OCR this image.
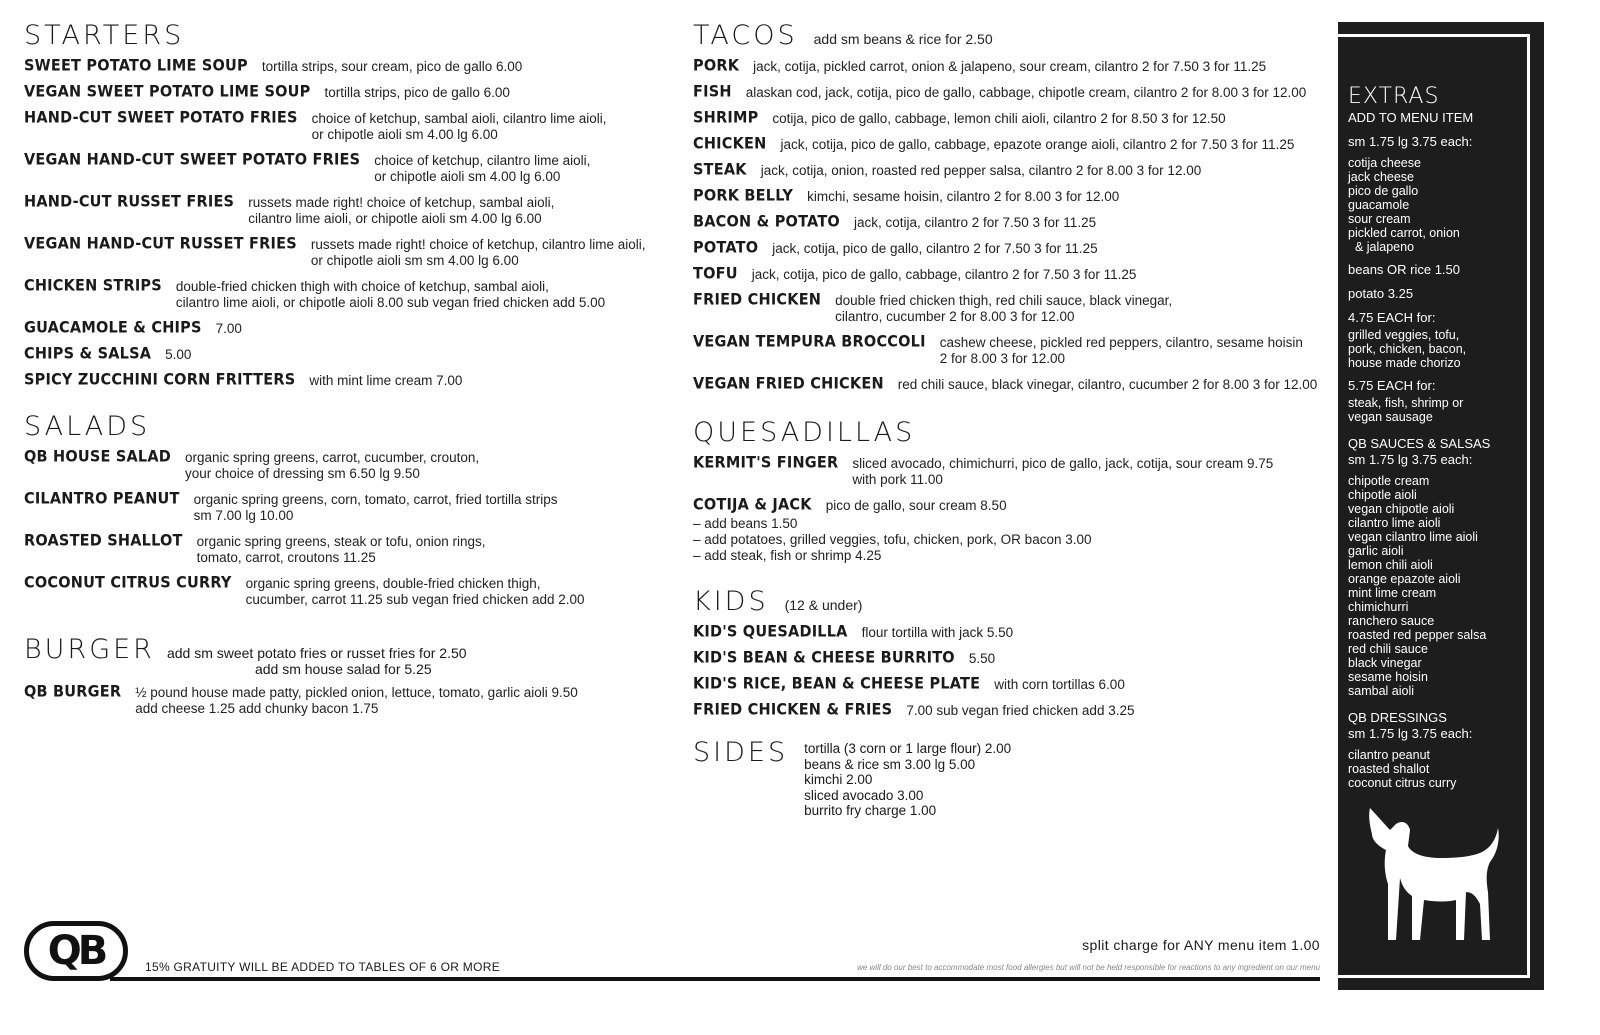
STARTERS
SWEET POTATO LIME SOUP tortilla strips, sour cream, pico de gallo 6.00
VEGAN SWEET POTATO LIME SOUP tortilla strips, pico de gallo 6.00
HAND-CUT SWEET POTATO FRIES choice of ketchup, sambal aioli, cilantro lime aioli,
or chipotle aioli sm 4.00 lg 6.00
VEGAN HAND-CUT SWEET POTATO FRIES choice of ketchup, cilantro lime aioli,
or chipotle aioli sm 4.00 lg 6.00
HAND-CUT RUSSET FRIES russets made right! choice of ketchup, sambal aioli,
cilantro lime aioli, or chipotle aioli sm 4.00 lg 6.00
VEGAN HAND-CUT RUSSET FRIES russets made right! choice of ketchup, cilantro lime aioli,
or chipotle aioli sm sm 4.00 lg 6.00
CHICKEN STRIPS double-fried chicken thigh with choice of ketchup, sambal aioli,
cilantro lime aioli, or chipotle aioli 8.00 sub vegan fried chicken add 5.00
GUACAMOLE & CHIPS 7.00
CHIPS & SALSA 5.00
SPICY ZUCCHINI CORN FRITTERS with mint lime cream 7.00
SALADS
QB HOUSE SALAD organic spring greens, carrot, cucumber, crouton,
your choice of dressing sm 6.50 lg 9.50
CILANTRO PEANUT organic spring greens, corn, tomato, carrot, fried tortilla strips
sm 7.00 lg 10.00
ROASTED SHALLOT organic spring greens, steak or tofu, onion rings,
tomato, carrot, croutons 11.25
COCONUT CITRUS CURRY organic spring greens, double-fried chicken thigh,
cucumber, carrot 11.25 sub vegan fried chicken add 2.00
BURGER add sm sweet potato fries or russet fries for 2.50
add sm house salad for 5.25
QB BURGER ½ pound house made patty, pickled onion, lettuce, tomato, garlic aioli 9.50
add cheese 1.25 add chunky bacon 1.75
TACOS add sm beans & rice for 2.50
PORK jack, cotija, pickled carrot, onion & jalapeno, sour cream, cilantro 2 for 7.50 3 for 11.25
FISH alaskan cod, jack, cotija, pico de gallo, cabbage, chipotle cream, cilantro 2 for 8.00 3 for 12.00
SHRIMP cotija, pico de gallo, cabbage, lemon chili aioli, cilantro 2 for 8.50 3 for 12.50
CHICKEN jack, cotija, pico de gallo, cabbage, epazote orange aioli, cilantro 2 for 7.50 3 for 11.25
STEAK jack, cotija, onion, roasted red pepper salsa, cilantro 2 for 8.00 3 for 12.00
PORK BELLY kimchi, sesame hoisin, cilantro 2 for 8.00 3 for 12.00
BACON & POTATO jack, cotija, cilantro 2 for 7.50 3 for 11.25
POTATO jack, cotija, pico de gallo, cilantro 2 for 7.50 3 for 11.25
TOFU jack, cotija, pico de gallo, cabbage, cilantro 2 for 7.50 3 for 11.25
FRIED CHICKEN double fried chicken thigh, red chili sauce, black vinegar,
cilantro, cucumber 2 for 8.00 3 for 12.00
VEGAN TEMPURA BROCCOLI cashew cheese, pickled red peppers, cilantro, sesame hoisin
2 for 8.00 3 for 12.00
VEGAN FRIED CHICKEN red chili sauce, black vinegar, cilantro, cucumber 2 for 8.00 3 for 12.00
QUESADILLAS
KERMIT'S FINGER sliced avocado, chimichurri, pico de gallo, jack, cotija, sour cream 9.75
with pork 11.00
COTIJA & JACK pico de gallo, sour cream 8.50
– add beans 1.50
– add potatoes, grilled veggies, tofu, chicken, pork, OR bacon 3.00
– add steak, fish or shrimp 4.25
KIDS (12 & under)
KID'S QUESADILLA flour tortilla with jack 5.50
KID'S BEAN & CHEESE BURRITO 5.50
KID'S RICE, BEAN & CHEESE PLATE with corn tortillas 6.00
FRIED CHICKEN & FRIES 7.00 sub vegan fried chicken add 3.25
SIDES tortilla (3 corn or 1 large flour) 2.00
beans & rice sm 3.00 lg 5.00
kimchi 2.00
sliced avocado 3.00
burrito fry charge 1.00
QB	15% GRATUITY WILL BE ADDED TO TABLES OF 6 OR MORE
split charge for ANY menu item 1.00
we will do our best to accommodate most food allergies but will not be held responsible for reactions to any ingredient on our menu
EXTRAS
ADD TO MENU ITEM
sm 1.75 lg 3.75 each:
cotija cheese
jack cheese
pico de gallo
guacamole
sour cream
pickled carrot, onion
& jalapeno
beans OR rice 1.50
potato 3.25
4.75 EACH for:
grilled veggies, tofu,
pork, chicken, bacon,
house made chorizo
5.75 EACH for:
steak, fish, shrimp or
vegan sausage
QB SAUCES & SALSAS
sm 1.75 lg 3.75 each:
chipotle cream
chipotle aioli
vegan chipotle aioli
cilantro lime aioli
vegan cilantro lime aioli
garlic aioli
lemon chili aioli
orange epazote aioli
mint lime cream
chimichurri
ranchero sauce
roasted red pepper salsa
red chili sauce
black vinegar
sesame hoisin
sambal aioli
QB DRESSINGS
sm 1.75 lg 3.75 each:
cilantro peanut
roasted shallot
coconut citrus curry
